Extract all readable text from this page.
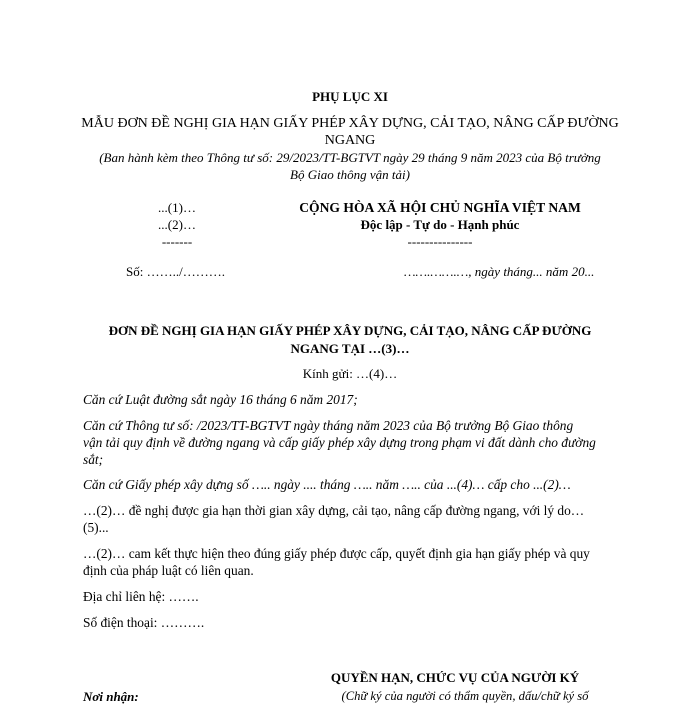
PHỤ LỤC XI
MẪU ĐƠN ĐỀ NGHỊ GIA HẠN GIẤY PHÉP XÂY DỰNG, CẢI TẠO, NÂNG CẤP ĐƯỜNG
NGANG
(Ban hành kèm theo Thông tư số: 29/2023/TT-BGTVT ngày 29 tháng 9 năm 2023 của Bộ trưởng
Bộ Giao thông vận tải)
...(1)…
...(2)…
-------
Số: ……../……….
CỘNG HÒA XÃ HỘI CHỦ NGHĨA VIỆT NAM
Độc lập - Tự do - Hạnh phúc
---------------
…….…….…, ngày tháng... năm 20...
ĐƠN ĐỀ NGHỊ GIA HẠN GIẤY PHÉP XÂY DỰNG, CẢI TẠO, NÂNG CẤP ĐƯỜNG
NGANG TẠI …(3)…
Kính gửi: …(4)…
Căn cứ Luật đường sắt ngày 16 tháng 6 năm 2017;
Căn cứ Thông tư số: /2023/TT-BGTVT ngày tháng năm 2023 của Bộ trưởng Bộ Giao thông
vận tải quy định về đường ngang và cấp giấy phép xây dựng trong phạm vi đất dành cho đường
sắt;
Căn cứ Giấy phép xây dựng số ….. ngày .... tháng ….. năm ….. của ...(4)… cấp cho ...(2)…
…(2)… đề nghị được gia hạn thời gian xây dựng, cải tạo, nâng cấp đường ngang, với lý do…
(5)...
…(2)… cam kết thực hiện theo đúng giấy phép được cấp, quyết định gia hạn giấy phép và quy
định của pháp luật có liên quan.
Địa chỉ liên hệ: …….
Số điện thoại: ……….
QUYỀN HẠN, CHỨC VỤ CỦA NGƯỜI KÝ
Nơi nhận:	(Chữ ký của người có thẩm quyền, dấu/chữ ký số
